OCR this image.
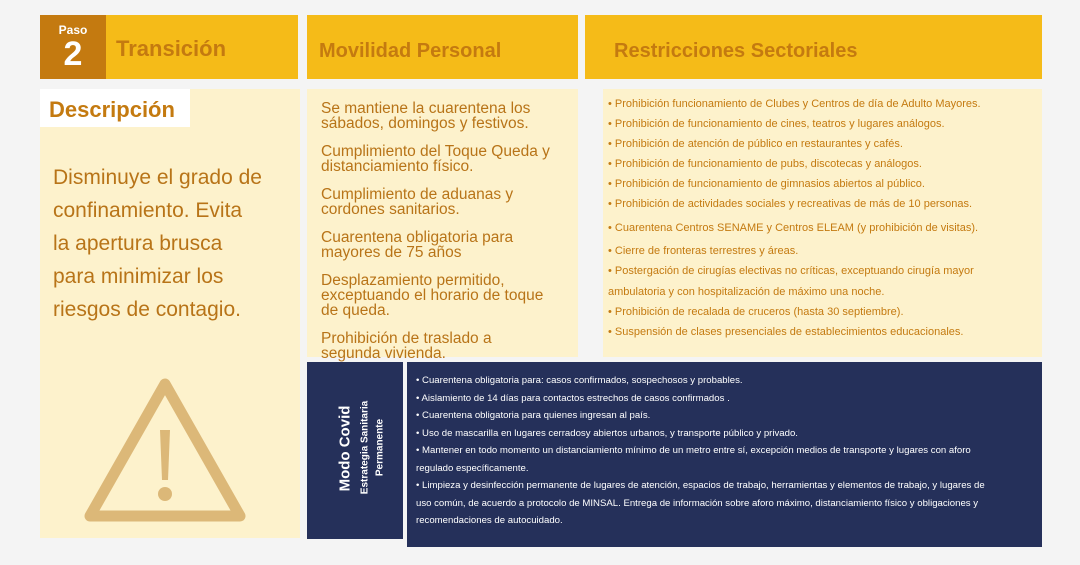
Paso
2	Transición	Movilidad Personal	Restricciones Sectoriales
Descripción
Disminuye el grado de
confinamiento. Evita
la apertura brusca
para minimizar los
riesgos de contagio.
Se mantiene la cuarentena los
sábados, domingos y festivos.
Cumplimiento del Toque Queda y
distanciamiento físico.
Cumplimiento de aduanas y
cordones sanitarios.
Cuarentena obligatoria para
mayores de 75 años
Desplazamiento permitido,
exceptuando el horario de toque
de queda.
Prohibición de traslado a
segunda vivienda.
• Prohibición funcionamiento de Clubes y Centros de día de Adulto Mayores.
• Prohibición de funcionamiento de cines, teatros y lugares análogos.
• Prohibición de atención de público en restaurantes y cafés.
• Prohibición de funcionamiento de pubs, discotecas y análogos.
• Prohibición de funcionamiento de gimnasios abiertos al público.
• Prohibición de actividades sociales y recreativas de más de 10 personas.
• Cuarentena Centros SENAME y Centros ELEAM (y prohibición de visitas).
• Cierre de fronteras terrestres y áreas.
• Postergación de cirugías electivas no críticas, exceptuando cirugía mayor
ambulatoria y con hospitalización de máximo una noche.
• Prohibición de recalada de cruceros (hasta 30 septiembre).
• Suspensión de clases presenciales de establecimientos educacionales.
Modo Covid Estrategia Sanitaria Permanente
• Cuarentena obligatoria para: casos confirmados, sospechosos y probables.
• Aislamiento de 14 días para contactos estrechos de casos confirmados .
• Cuarentena obligatoria para quienes ingresan al país.
• Uso de mascarilla en lugares cerradosy abiertos urbanos, y transporte público y privado.
• Mantener en todo momento un distanciamiento mínimo de un metro entre sí, excepción medios de transporte y lugares con aforo
regulado específicamente.
• Limpieza y desinfección permanente de lugares de atención, espacios de trabajo, herramientas y elementos de trabajo, y lugares de
uso común, de acuerdo a protocolo de MINSAL. Entrega de información sobre aforo máximo, distanciamiento físico y obligaciones y
recomendaciones de autocuidado.
